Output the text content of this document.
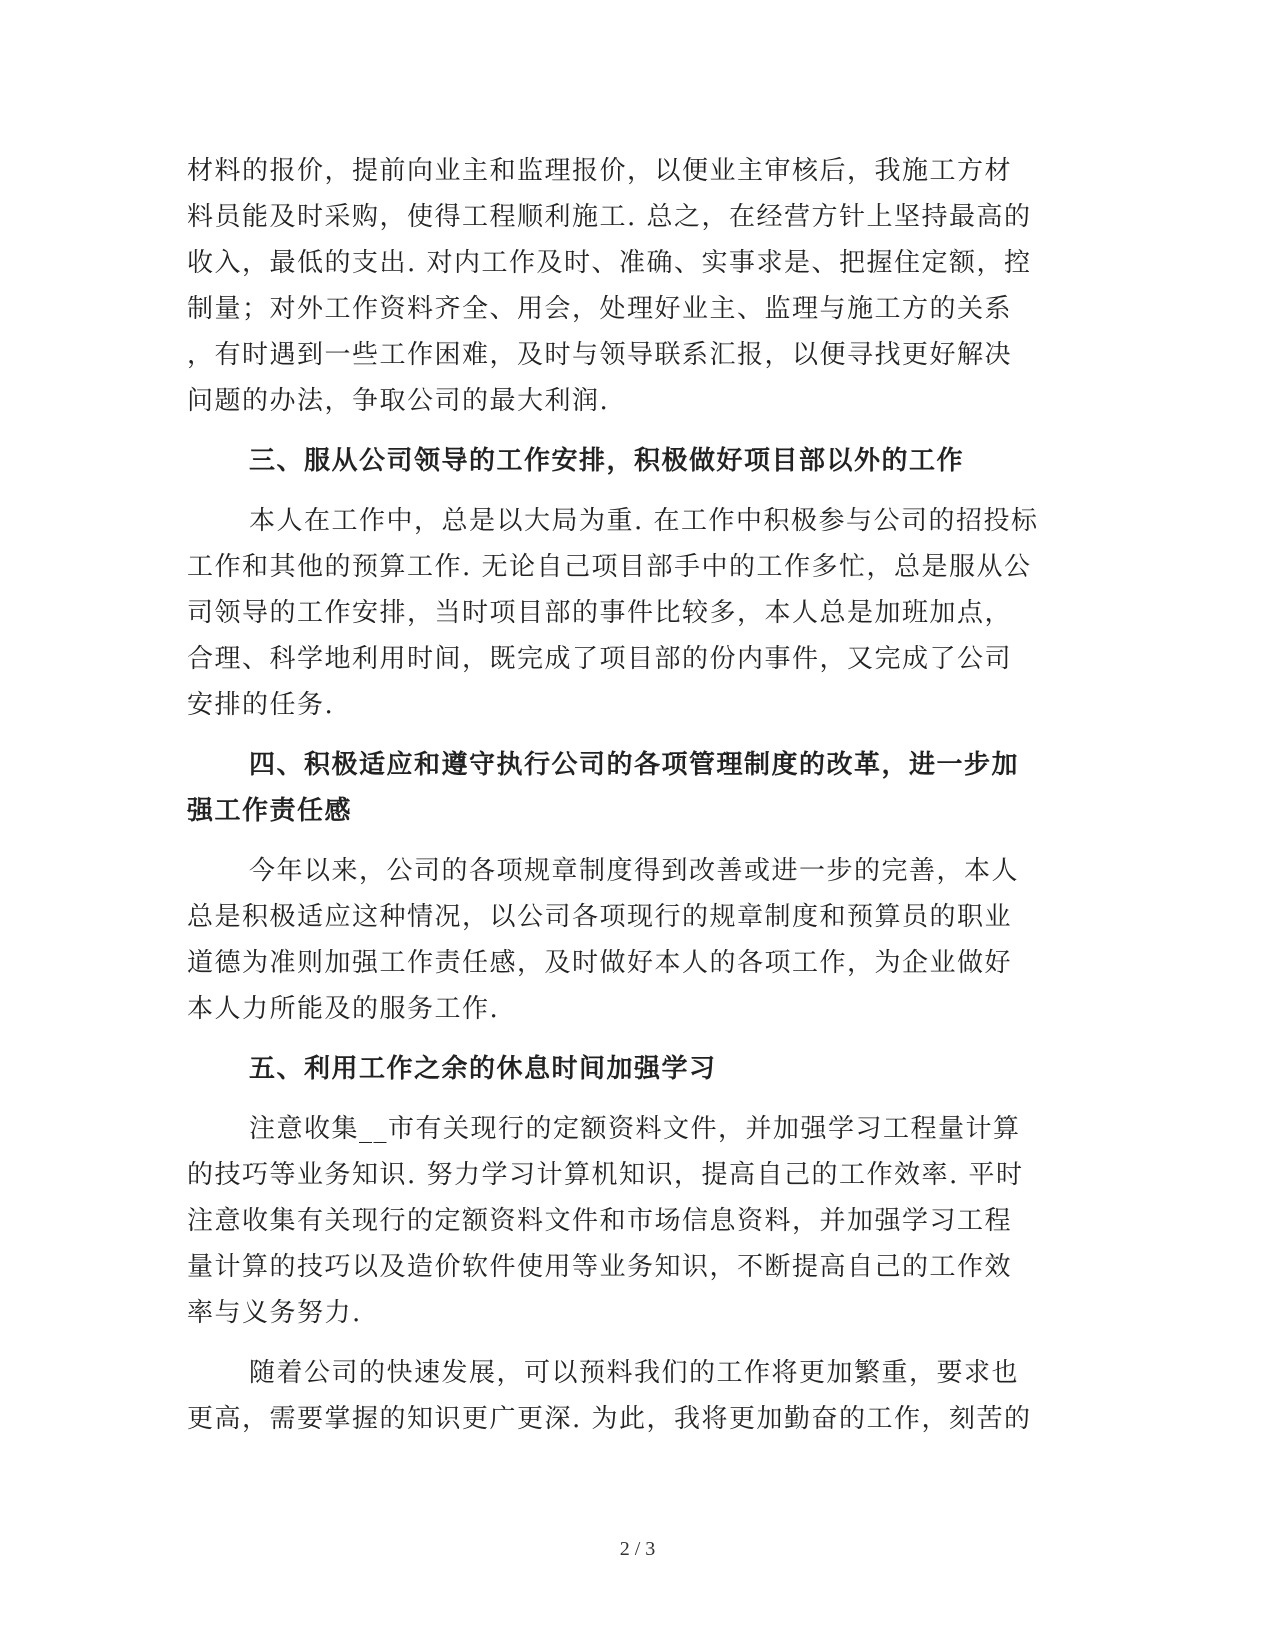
材料的报价，提前向业主和监理报价，以便业主审核后，我施工方材
料员能及时采购，使得工程顺利施工. 总之，在经营方针上坚持最高的
收入，最低的支出. 对内工作及时、准确、实事求是、把握住定额，控
制量；对外工作资料齐全、用会，处理好业主、监理与施工方的关系
，有时遇到一些工作困难，及时与领导联系汇报，以便寻找更好解决
问题的办法，争取公司的最大利润.
三、服从公司领导的工作安排，积极做好项目部以外的工作
本人在工作中，总是以大局为重. 在工作中积极参与公司的招投标
工作和其他的预算工作. 无论自己项目部手中的工作多忙，总是服从公
司领导的工作安排，当时项目部的事件比较多，本人总是加班加点，
合理、科学地利用时间，既完成了项目部的份内事件，又完成了公司
安排的任务.
四、积极适应和遵守执行公司的各项管理制度的改革，进一步加
强工作责任感
今年以来，公司的各项规章制度得到改善或进一步的完善，本人
总是积极适应这种情况，以公司各项现行的规章制度和预算员的职业
道德为准则加强工作责任感，及时做好本人的各项工作，为企业做好
本人力所能及的服务工作.
五、利用工作之余的休息时间加强学习
注意收集__市有关现行的定额资料文件，并加强学习工程量计算
的技巧等业务知识. 努力学习计算机知识，提高自己的工作效率. 平时
注意收集有关现行的定额资料文件和市场信息资料，并加强学习工程
量计算的技巧以及造价软件使用等业务知识，不断提高自己的工作效
率与义务努力.
随着公司的快速发展，可以预料我们的工作将更加繁重，要求也
更高，需要掌握的知识更广更深. 为此，我将更加勤奋的工作，刻苦的
2 / 3
